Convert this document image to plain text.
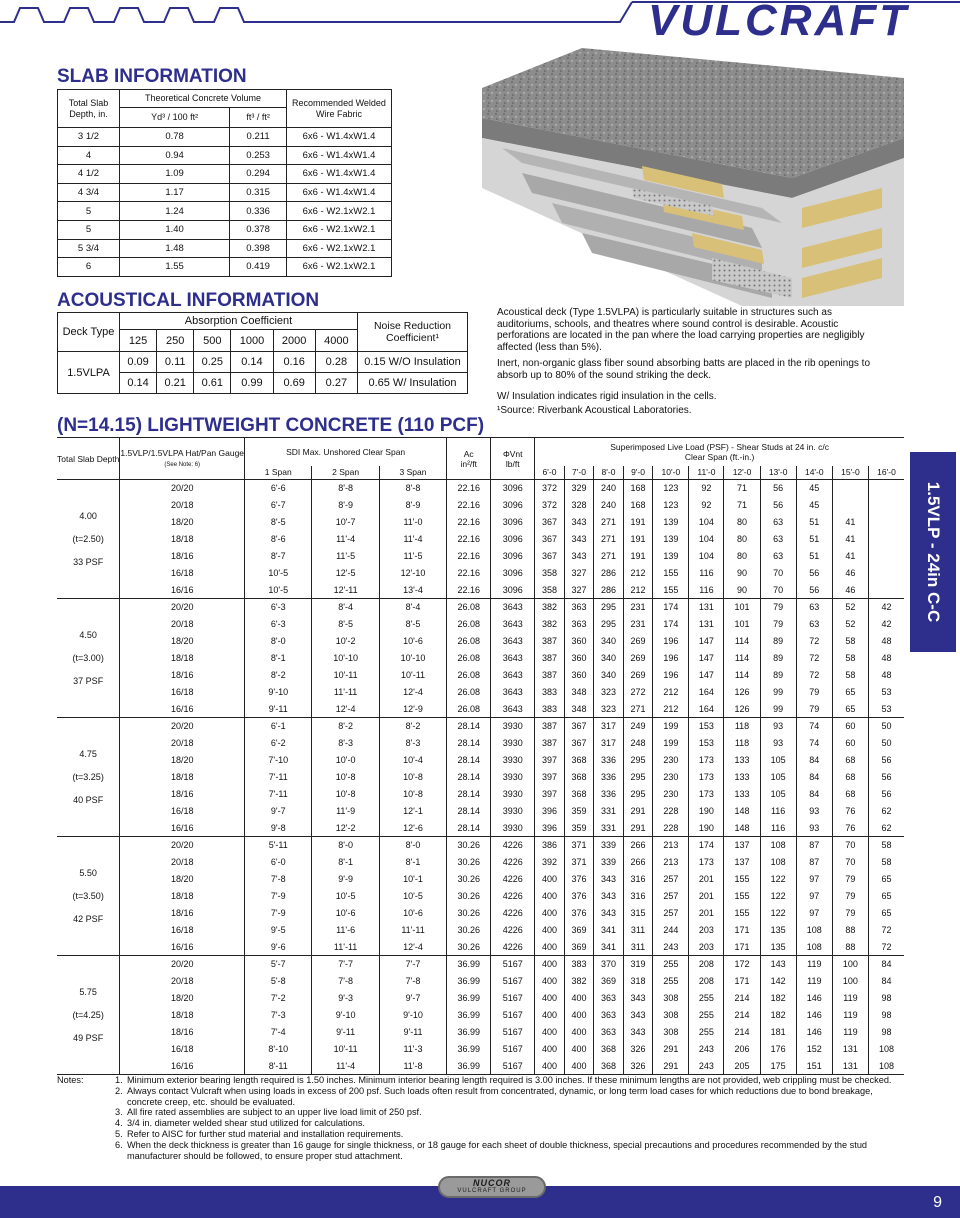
VULCRAFT
SLAB INFORMATION
Total Slab Depth, in.	Theoretical Concrete Volume		Recommended Welded Wire Fabric
	Yd³ / 100 ft²	ft³ / ft²	
3 1/2	0.78	0.211	6x6 - W1.4xW1.4
4	0.94	0.253	6x6 - W1.4xW1.4
4 1/2	1.09	0.294	6x6 - W1.4xW1.4
4 3/4	1.17	0.315	6x6 - W1.4xW1.4
5	1.24	0.336	6x6 - W2.1xW2.1
5	1.40	0.378	6x6 - W2.1xW2.1
5 3/4	1.48	0.398	6x6 - W2.1xW2.1
6	1.55	0.419	6x6 - W2.1xW2.1
ACOUSTICAL INFORMATION
Deck Type	Absorption Coefficient						Noise Reduction Coefficient¹
	125	250	500	1000	2000	4000	
1.5VLPA	0.09	0.11	0.25	0.14	0.16	0.28	0.15 W/O Insulation
	0.14	0.21	0.61	0.99	0.69	0.27	0.65 W/ Insulation
Acoustical deck (Type 1.5VLPA) is particularly suitable in structures such as auditoriums, schools, and theatres where sound control is desirable. Acoustic perforations are located in the pan where the load carrying properties are negligibly affected (less than 5%).
Inert, non-organic glass fiber sound absorbing batts are placed in the rib openings to absorb up to 80% of the sound striking the deck.
W/ Insulation indicates rigid insulation in the cells.
¹Source: Riverbank Acoustical Laboratories.
(N=14.15) LIGHTWEIGHT CONCRETE (110 PCF)
Total Slab Depth	1.5VLP/1.5VLPA Hat/Pan Gauge
(See Note: 6)	SDI Max. Unshored Clear Span			Ac
in²/ft	ΦVnt
lb/ft	Superimposed Live Load (PSF) - Shear Studs at 24 in. c/c
Clear Span (ft.-in.)										
		1 Span	2 Span	3 Span			6'-0	7'-0	8'-0	9'-0	10'-0	11'-0	12'-0	13'-0	14'-0	15'-0	16'-0

4.00
(t=2.50)
33 PSF	20/20	6'-6	8'-8	8'-8	22.16	3096	372	329	240	168	123	92	71	56	45		
	20/18	6'-7	8'-9	8'-9	22.16	3096	372	328	240	168	123	92	71	56	45		
	18/20	8'-5	10'-7	11'-0	22.16	3096	367	343	271	191	139	104	80	63	51	41	
	18/18	8'-6	11'-4	11'-4	22.16	3096	367	343	271	191	139	104	80	63	51	41	
	18/16	8'-7	11'-5	11'-5	22.16	3096	367	343	271	191	139	104	80	63	51	41	
	16/18	10'-5	12'-5	12'-10	22.16	3096	358	327	286	212	155	116	90	70	56	46	
	16/16	10'-5	12'-11	13'-4	22.16	3096	358	327	286	212	155	116	90	70	56	46	

4.50
(t=3.00)
37 PSF	20/20	6'-3	8'-4	8'-4	26.08	3643	382	363	295	231	174	131	101	79	63	52	42
	20/18	6'-3	8'-5	8'-5	26.08	3643	382	363	295	231	174	131	101	79	63	52	42
	18/20	8'-0	10'-2	10'-6	26.08	3643	387	360	340	269	196	147	114	89	72	58	48
	18/18	8'-1	10'-10	10'-10	26.08	3643	387	360	340	269	196	147	114	89	72	58	48
	18/16	8'-2	10'-11	10'-11	26.08	3643	387	360	340	269	196	147	114	89	72	58	48
	16/18	9'-10	11'-11	12'-4	26.08	3643	383	348	323	272	212	164	126	99	79	65	53
	16/16	9'-11	12'-4	12'-9	26.08	3643	383	348	323	271	212	164	126	99	79	65	53

4.75
(t=3.25)
40 PSF	20/20	6'-1	8'-2	8'-2	28.14	3930	387	367	317	249	199	153	118	93	74	60	50
	20/18	6'-2	8'-3	8'-3	28.14	3930	387	367	317	248	199	153	118	93	74	60	50
	18/20	7'-10	10'-0	10'-4	28.14	3930	397	368	336	295	230	173	133	105	84	68	56
	18/18	7'-11	10'-8	10'-8	28.14	3930	397	368	336	295	230	173	133	105	84	68	56
	18/16	7'-11	10'-8	10'-8	28.14	3930	397	368	336	295	230	173	133	105	84	68	56
	16/18	9'-7	11'-9	12'-1	28.14	3930	396	359	331	291	228	190	148	116	93	76	62
	16/16	9'-8	12'-2	12'-6	28.14	3930	396	359	331	291	228	190	148	116	93	76	62

5.50
(t=3.50)
42 PSF	20/20	5'-11	8'-0	8'-0	30.26	4226	386	371	339	266	213	174	137	108	87	70	58
	20/18	6'-0	8'-1	8'-1	30.26	4226	392	371	339	266	213	173	137	108	87	70	58
	18/20	7'-8	9'-9	10'-1	30.26	4226	400	376	343	316	257	201	155	122	97	79	65
	18/18	7'-9	10'-5	10'-5	30.26	4226	400	376	343	316	257	201	155	122	97	79	65
	18/16	7'-9	10'-6	10'-6	30.26	4226	400	376	343	315	257	201	155	122	97	79	65
	16/18	9'-5	11'-6	11'-11	30.26	4226	400	369	341	311	244	203	171	135	108	88	72
	16/16	9'-6	11'-11	12'-4	30.26	4226	400	369	341	311	243	203	171	135	108	88	72

5.75
(t=4.25)
49 PSF	20/20	5'-7	7'-7	7'-7	36.99	5167	400	383	370	319	255	208	172	143	119	100	84
	20/18	5'-8	7'-8	7'-8	36.99	5167	400	382	369	318	255	208	171	142	119	100	84
	18/20	7'-2	9'-3	9'-7	36.99	5167	400	400	363	343	308	255	214	182	146	119	98
	18/18	7'-3	9'-10	9'-10	36.99	5167	400	400	363	343	308	255	214	182	146	119	98
	18/16	7'-4	9'-11	9'-11	36.99	5167	400	400	363	343	308	255	214	181	146	119	98
	16/18	8'-10	10'-11	11'-3	36.99	5167	400	400	368	326	291	243	206	176	152	131	108
	16/16	8'-11	11'-4	11'-8	36.99	5167	400	400	368	326	291	243	205	175	151	131	108
1.5VLP - 24in C-C
Notes:	1. Minimum exterior bearing length required is 1.50 inches. Minimum interior bearing length required is 3.00 inches. If these minimum lengths are not provided, web crippling must be checked.
2. Always contact Vulcraft when using loads in excess of 200 psf. Such loads often result from concentrated, dynamic, or long term load cases for which reductions due to bond breakage, concrete creep, etc. should be evaluated.
3. All fire rated assemblies are subject to an upper live load limit of 250 psf.
4. 3/4 in. diameter welded shear stud utilized for calculations.
5. Refer to AISC for further stud material and installation requirements.
6. When the deck thickness is greater than 16 gauge for single thickness, or 18 gauge for each sheet of double thickness, special precautions and procedures recommended by the stud manufacturer should be followed, to ensure proper stud attachment.
9
NUCOR
VULCRAFT GROUP
